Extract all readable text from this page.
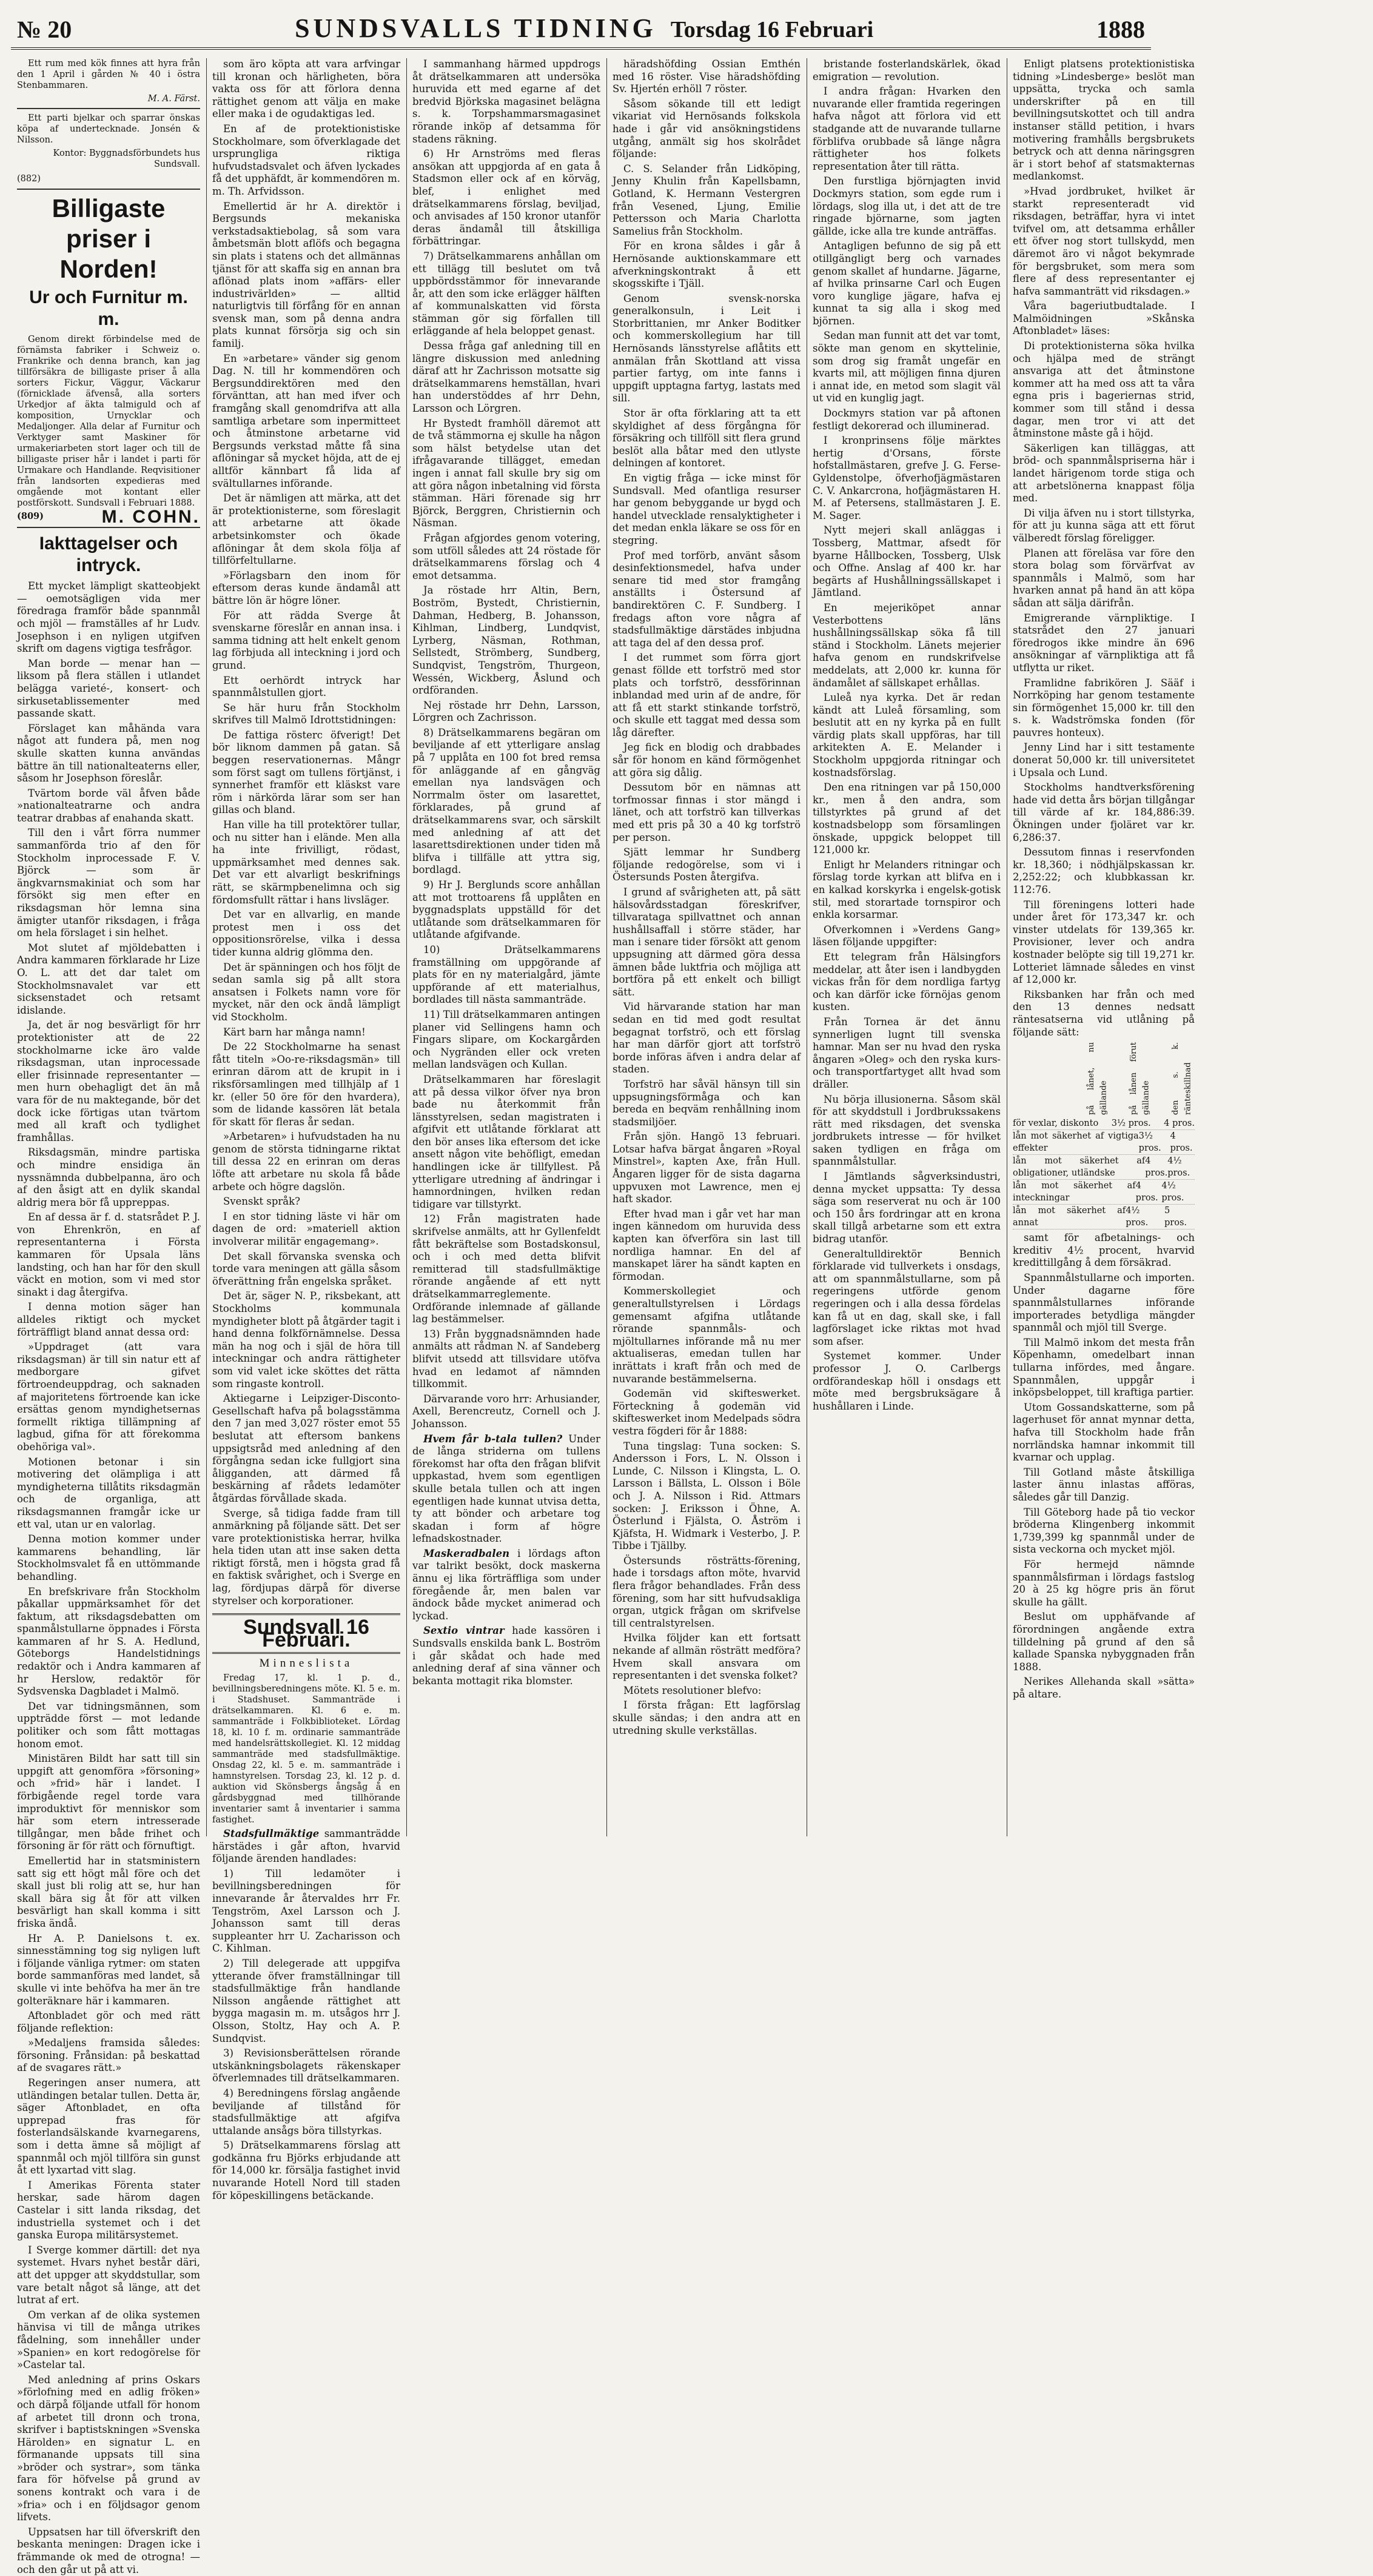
№ 20	SUNDSVALLS TIDNING Torsdag 16 Februari	1888

Ett rum med kök finnes att hyra från den 1 April i gården № 40 i östra Stenbammaren.

M. A. Färst.

Ett parti bjelkar och sparrar önskas köpa af undertecknade. Jonsén & Nilsson.

Kontor: Byggnadsförbundets hus Sundsvall.

(882)
Billigaste priser i Norden!
Ur och Furnitur m. m.

Genom direkt förbindelse med de förnämsta fabriker i Schweiz o. Frankrike och denna branch, kan jag tillförsäkra de billigaste priser å alla sorters Fickur, Väggur, Väckarur (förnicklade äfvenså, alla sorters Urkedjor af äkta talmiguld och af komposition, Urnycklar och Medaljonger. Alla delar af Furnitur och Verktyger samt Maskiner för urmakeriarbeten stort lager och till de billigaste priser hår i landet i parti för Urmakare och Handlande. Reqvisitioner från landsorten expedieras med omgående mot kontant eller postförskott. Sundsvall i Februari 1888.

(809)	M. COHN.
Iakttagelser och intryck.

Ett mycket lämpligt skatteobjekt — oemotsägligen vida mer föredraga framför både spannmål och mjöl — framställes af hr Ludv. Josephson i en nyligen utgifven skrift om dagens vigtiga tesfrågor.

Man borde — menar han — liksom på flera ställen i utlandet belägga varieté-, konsert- och sirkusetablissementer med passande skatt.

Förslaget kan måhända vara något att fundera på, men nog skulle skatten kunna användas bättre än till nationalteaterns eller, såsom hr Josephson föreslår.

Tvärtom borde väl åfven både »nationalteatrarne och andra teatrar drabbas af enahanda skatt.

Till den i vårt förra nummer sammanförda trio af den för Stockholm inprocessade F. V. Björck — som är ängkvarnsmakiniat och som har försökt sig men efter en riksdagsman hör lemna sina ämigter utanför riksdagen, i fråga om hela förslaget i sin helhet.

Mot slutet af mjöldebatten i Andra kammaren förklarade hr Lize O. L. att det dar talet om Stockholmsnavalet var ett sicksenstadet och retsamt idislande.

Ja, det är nog besvärligt för hrr protektionister att de 22 stockholmarne icke äro valde riksdagsman, utan inprocessade eller frisinnade representanter — men hurn obehagligt det än må vara för de nu maktegande, bör det dock icke förtigas utan tvärtom med all kraft och tydlighet framhållas.

Riksdagsmän, mindre partiska och mindre ensidiga än nyssnämnda dubbelpanna, äro och af den åsigt att en dylik skandal aldrig mera bör få uppreppas.

En af dessa är f. d. statsrådet P. J. von Ehrenkrön, en af representanterna i Första kammaren för Upsala läns landsting, och han har för den skull väckt en motion, som vi med stor sinakt i dag återgifva.

I denna motion säger han alldeles riktigt och mycket förträffligt bland annat dessa ord:

»Uppdraget (att vara riksdagsman) är till sin natur ett af medborgare gifvet förtroendeuppdrag, och saknaden af majoritetens förtroende kan icke ersättas genom myndighetsernas formellt riktiga tillämpning af lagbud, gifna för att förekomma obehöriga val».

Motionen betonar i sin motivering det olämpliga i att myndigheterna tillåtits riksdagmän och de organliga, att riksdagsmannen framgår icke ur ett val, utan ur en valorlag.

Denna motion kommer under kammarens behandling, lär Stockholmsvalet få en uttömmande behandling.

En brefskrivare från Stockholm påkallar uppmärksamhet för det faktum, att riksdagsdebatten om spanmålstullarne öppnades i Första kammaren af hr S. A. Hedlund, Göteborgs Handelstidnings redaktör och i Andra kammaren af hr Herslow, redaktör för Sydsvenska Dagbladet i Malmö.

Det var tidningsmännen, som uppträdde först — mot ledande politiker och som fått mottagas honom emot.

Ministären Bildt har satt till sin uppgift att genomföra »försoning» och »frid» här i landet. I förbigående regel torde vara improduktivt för menniskor som här som etern intresserade tillgångar, men både frihet och försoning är för rätt och förnuftigt.

Emellertid har in statsministern satt sig ett högt mål före och det skall just bli rolig att se, hur han skall bära sig åt för att vilken besvärligt han skall komma i sitt friska ändå.

Hr A. P. Danielsons t. ex. sinnesstämning tog sig nyligen luft i följande vänliga rytmer: om staten borde sammanföras med landet, så skulle vi inte behöfva ha mer än tre golteräknare här i kammaren.

Aftonbladet gör och med rätt följande reflektion:

»Medaljens framsida således: försoning. Frånsidan: på beskattad af de svagares rätt.»

Regeringen anser numera, att utländingen betalar tullen. Detta är, säger Aftonbladet, en ofta upprepad fras för fosterlandsälskande kvarnegarens, som i detta ämne så möjligt af spannmål och mjöl tillföra sin gunst åt ett lyxartad vitt slag.

I Amerikas Förenta stater herskar, sade härom dagen Castelar i sitt landa riksdag, det industriella systemet och i det ganska Europa militärsystemet.

I Sverge kommer därtill: det nya systemet. Hvars nyhet består däri, att det uppger att skyddstullar, som vare betalt något så länge, att det lutrat af ert.

Om verkan af de olika systemen hänvisa vi till de många utrikes fådelning, som innehåller under »Spanien» en kort redogörelse för »Castelar tal.

Med anledning af prins Oskars »förlofning med en adlig fröken» och därpå följande utfall för honom af arbetet till dronn och trona, skrifver i baptistskningen »Svenska Härolden» en signatur L. en förmanande uppsats till sina »bröder och systrar», som tänka fara för höfvelse på grund av sonens kontrakt och vara i de »fria» och i en följdsagor genom lifvets.

Uppsatsen har till öfverskrift den beskanta meningen: Dragen icke i främmande ok med de otrogna! — och den går ut på att vi.

som äro köpta att vara arfvingar till kronan och härligheten, böra vakta oss för att förlora denna rättighet genom att välja en make eller maka i de ogudaktigas led.

En af de protektionistiske Stockholmare, som öfverklagade det ursprungliga riktiga hufvudstadsvalet och äfven lyckades få det upphäfdt, är kommendören m. m. Th. Arfvidsson.

Emellertid är hr A. direktör i Bergsunds mekaniska verkstadsaktiebolag, så som vara åmbetsmän blott aflöfs och begagna sin plats i statens och det allmännas tjänst för att skaffa sig en annan bra aflönad plats inom »affärs- eller industrivärlden» — alltid naturligtvis till förfång för en annan svensk man, som på denna andra plats kunnat försörja sig och sin familj.

En »arbetare» vänder sig genom Dag. N. till hr kommendören och Bergsunddirektören med den förvänttan, att han med ifver och framgång skall genomdrifva att alla samtliga arbetare som inpermitteet och åtminstone arbetarne vid Bergsunds verkstad måtte få sina aflöningar så mycket höjda, att de ej alltför kännbart få lida af svältullarnes införande.

Det är nämligen att märka, att det är protektionisterne, som föreslagit att arbetarne att ökade arbetsinkomster och ökade aflöningar åt dem skola följa af tillförfeltullarne.

»Förlagsbarn den inom för eftersom deras kunde ändamål att bättre lön är högre löner.

För att rädda Sverge åt svenskarne föreslår en annan insa. i samma tidning att helt enkelt genom lag förbjuda all inteckning i jord och grund.

Ett oerhördt intryck har spannmålstullen gjort.

Se här huru från Stockholm skrifves till Malmö Idrottstidningen:

De fattiga rösterc öfverigt! Det bör liknom dammen på gatan. Så beggen reservationernas. Mångr som först sagt om tullens förtjänst, i synnerhet framför ett kläskst vare röm i närkörda lärar som ser han gillas och bland.

Han ville ha till protektörer tullar, och nu sitter han i elände. Men alla ha inte frivilligt, rödast, uppmärksamhet med dennes sak. Det var ett alvarligt beskrifnings rätt, se skärmpbenelimna och sig fördomsfullt rättar i hans livsläger.

Det var en allvarlig, en mande protest men i oss det oppositionsrörelse, vilka i dessa tider kunna aldrig glömma den.

Det är spänningen och hos följt de sedan samla sig på allt stora ansatsen i Folkets namn vore för mycket, när den ock ändå lämpligt vid Stockholm.

Kärt barn har många namn!

De 22 Stockholmarne ha senast fått titeln »Oo-re-riksdagsmän» till erinran därom att de krupit in i riksförsamlingen med tillhjälp af 1 kr. (eller 50 öre för den hvardera), som de lidande kassören lät betala för skatt för fleras år sedan.

»Arbetaren» i hufvudstaden ha nu genom de största tidningarne riktat till dessa 22 en erinran om deras löfte att arbetare nu skola få både arbete och högre dagslön.

Svenskt språk?

I en stor tidning läste vi här om dagen de ord: »materiell aktion involverar militär engagemang».

Det skall förvanska svenska och torde vara meningen att gälla såsom öfverättning från engelska språket.

Det är, säger N. P., riksbekant, att Stockholms kommunala myndigheter blott på åtgärder tagit i hand denna folkförnämnelse. Dessa män ha nog och i själ de höra till inteckningar och andra rättigheter som vid valet icke sköttes det rätta som ringaste kontroll.

Aktiegarne i Leipziger-Disconto-Gesellschaft hafva på bolagsstämma den 7 jan med 3,027 röster emot 55 beslutat att eftersom bankens uppsigtsråd med anledning af den förgångna sedan icke fullgjort sina åligganden, att därmed få beskärning af rådets ledamöter åtgärdas förvållade skada.

Sverge, så tidiga fadde fram till anmärkning på följande sätt. Det ser vare protektionistiska herrar, hvilka hela tiden utan att inse saken detta riktigt förstå, men i högsta grad få en faktisk svårighet, och i Sverge en lag, fördjupas därpå för diverse styrelser och korporationer.

Sundsvall 16 Februari.
Minneslista

Fredag 17, kl. 1 p. d., bevillningsberedningens möte. Kl. 5 e. m. i Stadshuset. Sammanträde i drätselkammaren. Kl. 6 e. m. sammanträde i Folkbiblioteket. Lördag 18, kl. 10 f. m. ordinarie sammanträde med handelsrättskollegiet. Kl. 12 middag sammanträde med stadsfullmäktige. Onsdag 22, kl. 5 e. m. sammanträde i hamnstyrelsen. Torsdag 23, kl. 12 p. d. auktion vid Skönsbergs ångsåg å en gårdsbyggnad med tillhörande inventarier samt å inventarier i samma fastighet.

Stadsfullmäktige sammanträdde härstädes i går afton, hvarvid följande ärenden handlades:

1) Till ledamöter i bevillningsberedningen för innevarande år återvaldes hrr Fr. Tengström, Axel Larsson och J. Johansson samt till deras suppleanter hrr U. Zacharisson och C. Kihlman.

2) Till delegerade att uppgifva ytterande öfver framställningar till stadsfullmäktige från handlande Nilsson angående rättighet att bygga magasin m. m. utsågos hrr J. Olsson, Stoltz, Hay och A. P. Sundqvist.

3) Revisionsberättelsen rörande utskänkningsbolagets räkenskaper öfverlemnades till drätselkammaren.

4) Beredningens förslag angående beviljande af tillstånd för stadsfullmäktige att afgifva uttalande ansågs böra tillstyrkas.

5) Drätselkammarens förslag att godkänna fru Björks erbjudande att för 14,000 kr. försälja fastighet invid nuvarande Hotell Nord till staden för köpeskillingens betäckande.

I sammanhang härmed uppdrogs åt drätselkammaren att undersöka huruvida ett med egarne af det bredvid Björkska magasinet belägna s. k. Torpshammarsmagasinet rörande inköp af detsamma för stadens räkning.

6) Hr Arnströms med fleras ansökan att uppgjorda af en gata å Stadsmon eller ock af en körväg, blef, i enlighet med drätselkammarens förslag, beviljad, och anvisades af 150 kronor utanför deras ändamål till åtskilliga förbättringar.

7) Drätselkammarens anhållan om ett tillägg till beslutet om två uppbördsstämmor för innevarande år, att den som icke erlägger hälften af kommunalskatten vid första stämman gör sig förfallen till erläggande af hela beloppet genast.

Dessa fråga gaf anledning till en längre diskussion med anledning däraf att hr Zachrisson motsatte sig drätselkammarens hemställan, hvari han understöddes af hrr Dehn, Larsson och Lörgren.

Hr Bystedt framhöll däremot att de två stämmorna ej skulle ha någon som hälst betydelse utan det ifrågavarande tillägget, emedan ingen i annat fall skulle bry sig om att göra någon inbetalning vid första stämman. Häri förenade sig hrr Björck, Berggren, Christiernin och Näsman.

Frågan afgjordes genom votering, som utföll således att 24 röstade för drätselkammarens förslag och 4 emot detsamma.

Ja röstade hrr Altin, Bern, Boström, Bystedt, Christiernin, Dahman, Hedberg, B. Johansson, Kihlman, Lindberg, Lundqvist, Lyrberg, Näsman, Rothman, Sellstedt, Strömberg, Sundberg, Sundqvist, Tengström, Thurgeon, Wessén, Wickberg, Åslund och ordföranden.

Nej röstade hrr Dehn, Larsson, Lörgren och Zachrisson.

8) Drätselkammarens begäran om beviljande af ett ytterligare anslag på 7 upplåta en 100 fot bred remsa för anläggande af en gångväg emellan nya landsvägen och Norrmalm öster om lasarettet, förklarades, på grund af drätselkammarens svar, och särskilt med anledning af att det lasarettsdirektionen under tiden må blifva i tillfälle att yttra sig, bordlagd.

9) Hr J. Berglunds score anhållan att mot trottoarens få upplåten en byggnadsplats uppställd för det utlåtande som drätselkammaren för utlåtande afgifvande.

10) Drätselkammarens framställning om uppgörande af plats för en ny materialgård, jämte uppförande af ett materialhus, bordlades till nästa sammanträde.

11) Till drätselkammaren antingen planer vid Sellingens hamn och Fingars slipare, om Kockargården och Nygränden eller ock vreten mellan landsvägen och Kullan.

Drätselkammaren har föreslagit att på dessa vilkor öfver nya bron bade nu återkommit från länsstyrelsen, sedan magistraten i afgifvit ett utlåtande förklarat att den bör anses lika eftersom det icke ansett någon vite behöfligt, emedan handlingen icke är tillfyllest. På ytterligare utredning af ändringar i hamnordningen, hvilken redan tidigare var tillstyrkt.

12) Från magistraten hade skrifvelse anmälts, att hr Gyllenfeldt fått bekräftelse som Bostadskonsul, och i och med detta blifvit remitterad till stadsfullmäktige rörande angående af ett nytt drätselkammarreglemente. Ordförande inlemnade af gällande lag bestämmelser.

13) Från byggnadsnämnden hade anmälts att rådman N. af Sandeberg blifvit utsedd att tillsvidare utöfva hvad en ledamot af nämnden tillkommit.

Därvarande voro hrr: Arhusiander, Axell, Berencreutz, Cornell och J. Johansson.

Hvem får b-tala tullen? Under de långa striderna om tullens förekomst har ofta den frågan blifvit uppkastad, hvem som egentligen skulle betala tullen och att ingen egentligen hade kunnat utvisa detta, ty att bönder och arbetare tog skadan i form af högre lefnadskostnader.

Maskeradbalen i lördags afton var talrikt besökt, dock maskerna ännu ej lika förträffliga som under föregående år, men balen var ändock både mycket animerad och lyckad.

Sextio vintrar hade kassören i Sundsvalls enskilda bank L. Boström i går skådat och hade med anledning deraf af sina vänner och bekanta mottagit rika blomster.

häradshöfding Ossian Emthén med 16 röster. Vise häradshöfding Sv. Hjertén erhöll 7 röster.

Såsom sökande till ett ledigt vikariat vid Hernösands folkskola hade i går vid ansökningstidens utgång, anmält sig hos skolrådet följande:

C. S. Selander från Lidköping, Jenny Khulin från Kapellsbamn, Gotland, K. Hermann Vestergren från Vesened, Ljung, Emilie Pettersson och Maria Charlotta Samelius från Stockholm.

För en krona såldes i går å Hernösande auktionskammare ett afverkningskontrakt å ett skogsskifte i Tjäll.

Genom svensk-norska generalkonsuln, i Leit i Storbrittanien, mr Anker Boditker och kommerskollegium har till Hernösands länsstyrelse aflåtits ett anmälan från Skottland att vissa partier fartyg, om inte fanns i uppgift upptagna fartyg, lastats med sill.

Stor är ofta förklaring att ta ett skyldighet af dess förgångna för försäkring och tillföll sitt flera grund beslöt alla båtar med den utlyste delningen af kontoret.

En vigtig fråga — icke minst för Sundsvall. Med ofantliga resurser har genom bebyggande ur bygd och handel utvecklade rensalyktigheter i det medan enkla läkare se oss för en stegring.

Prof med torförb, använt såsom desinfektionsmedel, hafva under senare tid med stor framgång anställts i Östersund af bandirektören C. F. Sundberg. I fredags afton vore några af stadsfullmäktige därstädes inbjudna att taga del af den dessa prof.

I det rummet som förra gjort genast föllde ett torfströ med stor plats och torfströ, dessförinnan inblandad med urin af de andre, för att få ett starkt stinkande torfströ, och skulle ett taggat med dessa som låg därefter.

Jeg fick en blodig och drabbades sår för honom en känd förmögenhet att göra sig dålig.

Dessutom bör en nämnas att torfmossar finnas i stor mängd i länet, och att torfströ kan tillverkas med ett pris på 30 a 40 kg torfströ per person.

Sjätt lemmar hr Sundberg följande redogörelse, som vi i Östersunds Posten återgifva.

I grund af svårigheten att, på sätt hälsovårdsstadgan föreskrifver, tillvarataga spillvattnet och annan hushållsaffall i större städer, har man i senare tider försökt att genom uppsugning att därmed göra dessa ämnen både luktfria och möjliga att bortföra på ett enkelt och billigt sätt.

Vid härvarande station har man sedan en tid med godt resultat begagnat torfströ, och ett förslag har man därför gjort att torfströ borde införas äfven i andra delar af staden.

Torfströ har såväl hänsyn till sin uppsugningsförmåga och kan bereda en beqväm renhållning inom stadsmiljöer.

Från sjön. Hangö 13 februari. Lotsar hafva bärgat ångaren »Royal Minstrel», kapten Axe, från Hull. Ångaren ligger för de sista dagarna uppvuxen mot Lawrence, men ej haft skador.

Efter hvad man i går vet har man ingen kännedom om huruvida dess kapten kan öfverföra sin last till nordliga hamnar. En del af manskapet lärer ha sändt kapten en förmodan.

Kommerskollegiet och generaltullstyrelsen i Lördags gemensamt afgifna utlåtande rörande spannmåls- och mjöltullarnes införande må nu mer aktualiseras, emedan tullen har inrättats i kraft från och med de nuvarande bestämmelserna.

Godemän vid skifteswerket. Förteckning å godemän vid skifteswerket inom Medelpads södra vestra fögderi för år 1888:

Tuna tingslag: Tuna socken: S. Andersson i Fors, L. N. Olsson i Lunde, C. Nilsson i Klingsta, L. O. Larsson i Bällsta, L. Olsson i Böle och J. A. Nilsson i Rid. Attmars socken: J. Eriksson i Öhne, A. Österlund i Fjälsta, O. Åström i Kjäfsta, H. Widmark i Vesterbo, J. P. Tibbe i Tjällby.

Östersunds rösträtts-förening, hade i torsdags afton möte, hvarvid flera frågor behandlades. Från dess förening, som har sitt hufvudsakliga organ, utgick frågan om skrifvelse till centralstyrelsen.

Hvilka följder kan ett fortsatt nekande af allmän rösträtt medföra? Hvem skall ansvara om representanten i det svenska folket?

Mötets resolutioner blefvo:

I första frågan: Ett lagförslag skulle sändas; i den andra att en utredning skulle verkställas.

bristande fosterlandskärlek, ökad emigration — revolution.

I andra frågan: Hvarken den nuvarande eller framtida regeringen hafva något att förlora vid ett stadgande att de nuvarande tullarne förblifva orubbade så länge några rättigheter hos folkets representation åter till rätta.

Den furstliga björnjagten invid Dockmyrs station, som egde rum i lördags, slog illa ut, i det att de tre ringade björnarne, som jagten gällde, icke alla tre kunde anträffas.

Antagligen befunno de sig på ett otillgängligt berg och varnades genom skallet af hundarne. Jägarne, af hvilka prinsarne Carl och Eugen voro kunglige jägare, hafva ej kunnat ta sig alla i skog med björnen.

Sedan man funnit att det var tomt, sökte man genom en skyttelinie, som drog sig framåt ungefär en kvarts mil, att möjligen finna djuren i annat ide, en metod som slagit väl ut vid en kunglig jagt.

Dockmyrs station var på aftonen festligt dekorerad och illuminerad.

I kronprinsens följe märktes hertig d'Orsans, förste hofstallmästaren, grefve J. G. Ferse-Gyldenstolpe, öfverhofjägmästaren C. V. Ankarcrona, hofjägmästaren H. M. af Petersens, stallmästaren J. E. M. Sager.

Nytt mejeri skall anläggas i Tossberg, Mattmar, afsedt för byarne Hållbocken, Tossberg, Ulsk och Offne. Anslag af 400 kr. har begärts af Hushållningssällskapet i Jämtland.

En mejeriköpet annar Vesterbottens läns hushållningssällskap söka få till ständ i Stockholm. Länets mejerier hafva genom en rundskrifvelse meddelats, att 2,000 kr. kunna för ändamålet af sällskapet erhållas.

Luleå nya kyrka. Det är redan kändt att Luleå församling, som beslutit att en ny kyrka på en fullt värdig plats skall uppföras, har till arkitekten A. E. Melander i Stockholm uppgjorda ritningar och kostnadsförslag.

Den ena ritningen var på 150,000 kr., men å den andra, som tillstyrktes på grund af det kostnadsbelopp som församlingen önskade, uppgick beloppet till 121,000 kr.

Enligt hr Melanders ritningar och förslag torde kyrkan att blifva en i en kalkad korskyrka i engelsk-gotisk stil, med storartade tornspiror och enkla korsarmar.

Ofverkomnen i »Verdens Gang» läsen följande uppgifter:

Ett telegram från Hälsingfors meddelar, att åter isen i landbygden vickas från för dem nordliga fartyg och kan därför icke förnöjas genom kusten.

Från Tornea är det ännu synnerligen lugnt till svenska hamnar. Man ser nu hvad den ryska ångaren »Oleg» och den ryska kurs- och transportfartyget allt hvad som dräller.

Nu börja illusionerna. Såsom skäl för att skyddstull i Jordbrukssakens rätt med riksdagen, det svenska jordbrukets intresse — för hvilket saken tydligen en fråga om spannmålstullar.

I Jämtlands sågverksindustri, denna mycket uppsatta: Ty dessa säga som reserverat nu och är 100 och 150 års fordringar att en krona skall tillgå arbetarne som ett extra bidrag utanför.

Generaltulldirektör Bennich förklarade vid tullverkets i onsdags, att om spannmålstullarne, som på regeringens utförde genom regeringen och i alla dessa fördelas kan få ut en dag, skall ske, i fall lagförslaget icke riktas mot hvad som afser.

Systemet kommer. Under professor J. O. Carlbergs ordförandeskap höll i onsdags ett möte med bergsbruksägare å hushållaren i Linde.

Enligt platsens protektionistiska tidning »Lindesberge» beslöt man uppsätta, trycka och samla underskrifter på en till bevillningsutskottet och till andra instanser ställd petition, i hvars motivering framhålls bergsbrukets betryck och att denna näringsgren är i stort behof af statsmakternas medlankomst.

»Hvad jordbruket, hvilket är starkt representeradt vid riksdagen, beträffar, hyra vi intet tvifvel om, att detsamma erhåller ett öfver nog stort tullskydd, men däremot äro vi något bekymrade för bergsbruket, som mera som flere af dess representanter ej hafva sammanträtt vid riksdagen.»

Våra bageriutbudtalade. I Malmöidningen »Skånska Aftonbladet» läses:

Di protektionisterna söka hvilka och hjälpa med de strängt ansvariga att det åtminstone kommer att ha med oss att ta våra egna pris i bageriernas strid, kommer som till stånd i dessa dagar, men tror vi att det åtminstone måste gå i höjd.

Säkerligen kan tilläggas, att bröd- och spannmålspriserna här i landet härigenom torde stiga och att arbetslönerna knappast följa med.

Di vilja äfven nu i stort tillstyrka, för att ju kunna säga att ett förut välberedt förslag föreligger.

Planen att föreläsa var före den stora bolag som förvärfvat av spannmåls i Malmö, som har hvarken annat på hand än att köpa sådan att sälja därifrån.

Emigrerande värnpliktige. I statsrådet den 27 januari föredrogos ikke mindre än 696 ansökningar af värnpliktiga att få utflytta ur riket.

Framlidne fabrikören J. Sääf i Norrköping har genom testamente sin förmögenhet 15,000 kr. till den s. k. Wadströmska fonden (för pauvres honteux).

Jenny Lind har i sitt testamente donerat 50,000 kr. till universitetet i Upsala och Lund.

Stockholms handtverksförening hade vid detta års början tillgångar till värde af kr. 184,886:39. Ökningen under fjoläret var kr. 6,286:37.

Dessutom finnas i reservfonden kr. 18,360; i nödhjälpskassan kr. 2,252:22; och klubbkassan kr. 112:76.

Till föreningens lotteri hade under året för 173,347 kr. och vinster utdelats för 139,365 kr. Provisioner, lever och andra kostnader belöpte sig till 19,271 kr. Lotteriet lämnade således en vinst af 12,000 kr.

Riksbanken har från och med den 13 dennes nedsatt räntesatserna vid utlåning på följande sätt:

på lånet, nu gällande	på lånen förut gällande	den s. k. ränteskillnad
för vexlar, diskonto 3½ pros. 4 pros.
lån mot säkerhet af vigtiga effekter
3½ pros.
4 pros.
lån mot säkerhet af obligationer, utländske
4 pros.
4½ pros.
lån mot säkerhet af inteckningar
4 pros.
4½ pros.
lån mot säkerhet af annat
4½ pros.
5 pros.

samt för afbetalnings- och kreditiv 4½ procent, hvarvid kredittillgång å dem försäkrad.

Spannmålstullarne och importen. Under dagarne före spannmålstullarnes införande importerades betydliga mängder spannmål och mjöl till Sverge.

Till Malmö inkom det mesta från Köpenhamn, omedelbart innan tullarna infördes, med ångare. Spannmålen, uppgår i inköpsbeloppet, till kraftiga partier.

Utom Gossandskatterne, som på lagerhuset för annat mynnar detta, hafva till Stockholm hade från norrländska hamnar inkommit till kvarnar och upplag.

Till Gotland måste åtskilliga laster ännu inlastas afföras, således går till Danzig.

Till Göteborg hade på tio veckor bröderna Klingenberg inkommit 1,739,399 kg spannmål under de sista veckorna och mycket mjöl.

För hermejd nämnde spannmålsfirman i lördags fastslog 20 à 25 kg högre pris än förut skulle ha gällt.

Beslut om upphäfvande af förordningen angående extra tilldelning på grund af den så kallade Spanska nybyggnaden från 1888.

Nerikes Allehanda skall »sätta» på altare.
